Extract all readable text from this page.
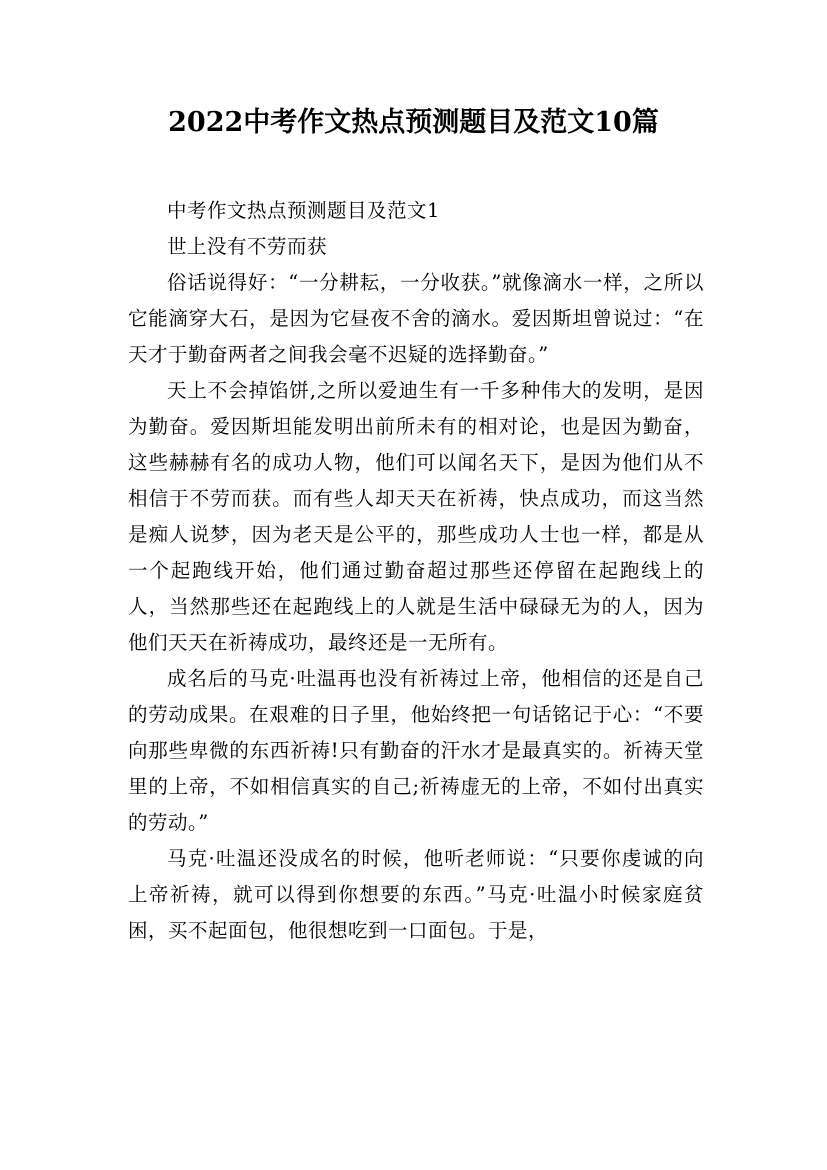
2022中考作文热点预测题目及范文10篇

中考作文热点预测题目及范文1

世上没有不劳而获

俗话说得好：“一分耕耘，一分收获。”就像滴水一样，之所以它能滴穿大石，是因为它昼夜不舍的滴水。爱因斯坦曾说过：“在天才于勤奋两者之间我会毫不迟疑的选择勤奋。”

天上不会掉馅饼,之所以爱迪生有一千多种伟大的发明，是因为勤奋。爱因斯坦能发明出前所未有的相对论，也是因为勤奋，这些赫赫有名的成功人物，他们可以闻名天下，是因为他们从不相信于不劳而获。而有些人却天天在祈祷，快点成功，而这当然是痴人说梦，因为老天是公平的，那些成功人士也一样，都是从一个起跑线开始，他们通过勤奋超过那些还停留在起跑线上的人，当然那些还在起跑线上的人就是生活中碌碌无为的人，因为他们天天在祈祷成功，最终还是一无所有。

成名后的马克·吐温再也没有祈祷过上帝，他相信的还是自己的劳动成果。在艰难的日子里，他始终把一句话铭记于心：“不要向那些卑微的东西祈祷!只有勤奋的汗水才是最真实的。祈祷天堂里的上帝，不如相信真实的自己;祈祷虚无的上帝，不如付出真实的劳动。”

马克·吐温还没成名的时候，他听老师说：“只要你虔诚的向上帝祈祷，就可以得到你想要的东西。”马克·吐温小时候家庭贫困，买不起面包，他很想吃到一口面包。于是，
